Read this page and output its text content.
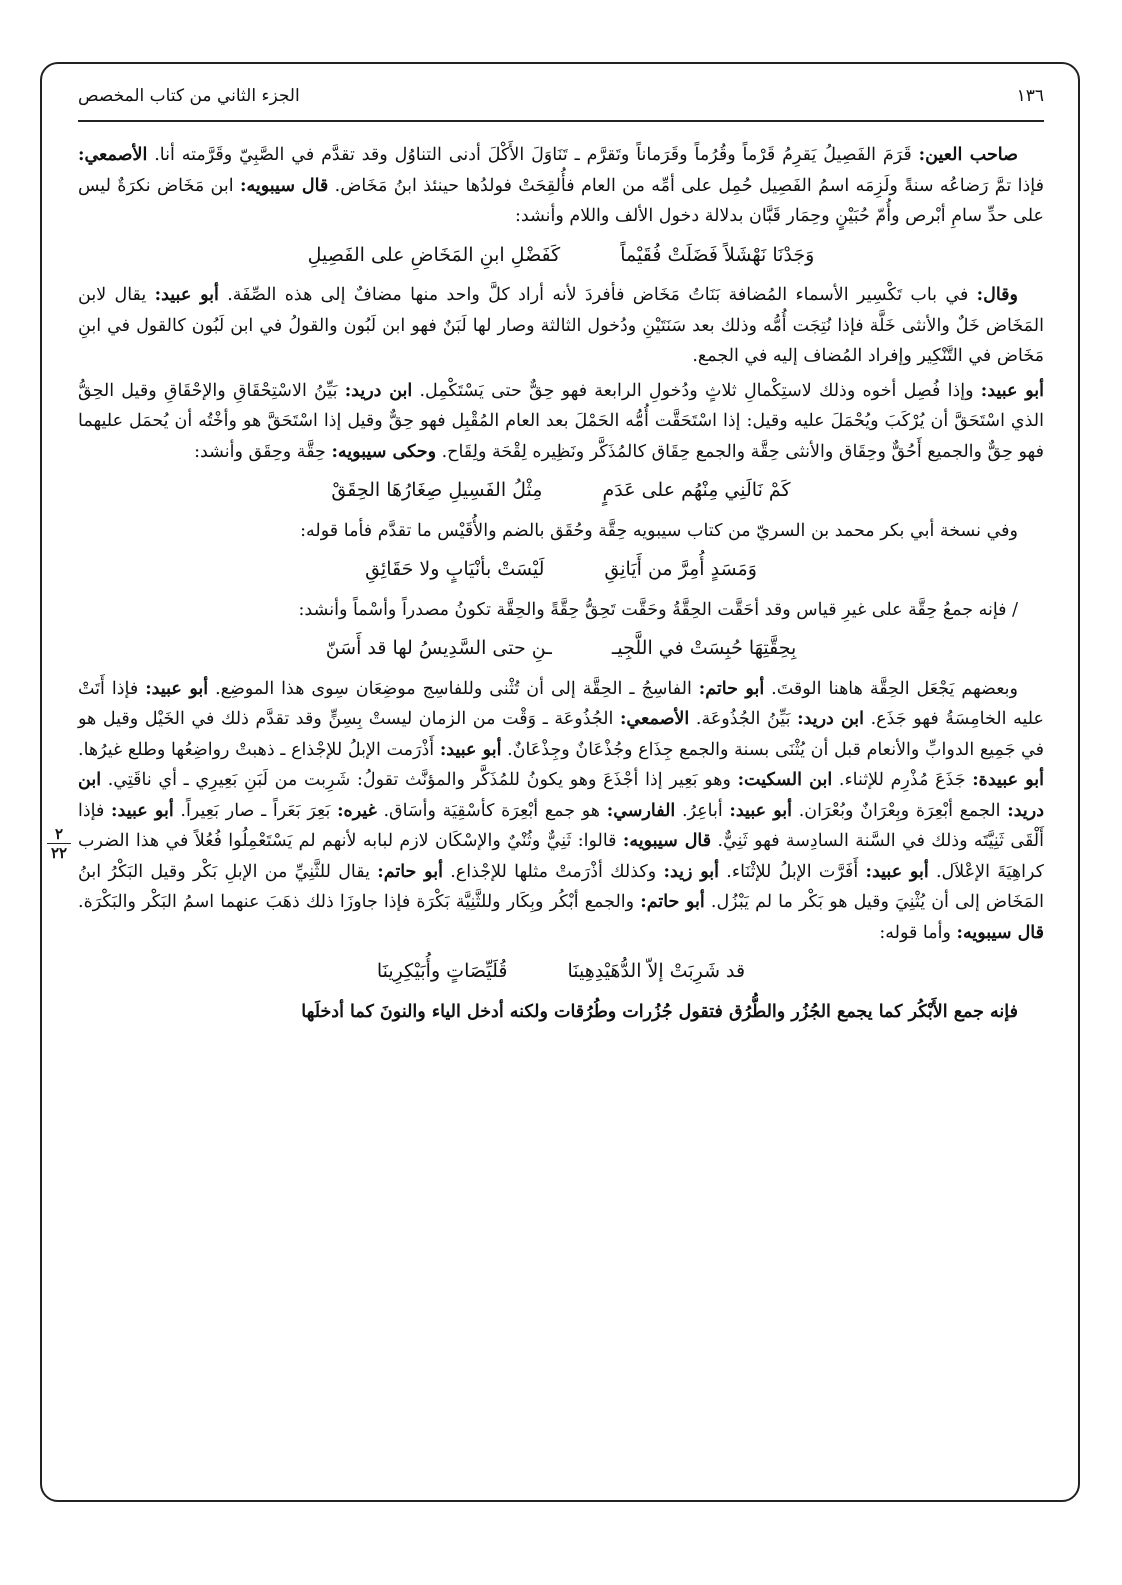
١٣٦
الجزء الثاني من كتاب المخصص
٢
٢٢

صاحب العين: قَرَمَ الفَصِيلُ يَقرِمُ قَرْماً وقُرُماً وقَرَماناً وتَقرَّم ـ تَنَاوَلَ الأَكْلَ أدنى التناوُل وقد تقدَّم في الصَّبِيّ وقَرَّمته أنا. الأصمعي: فإذا تمَّ رَضاعُه سنةً ولَزِمَه اسمُ الفَصِيل حُمِل على أمِّه من العام فأُلقِحَتْ فولدُها حينئذ ابنُ مَخَاض. قال سيبويه: ابن مَخَاض نكرَةٌ ليس على حدِّ سامِ أبْرص وأُمّ حُبَيْنٍ وحِمَار قَبَّان بدلالة دخول الألف واللام وأنشد:

وَجَدْنَا نَهْشَلاً فَضَلَتْ فُقَيْماً
كَفَضْلِ ابنِ المَخَاضِ على الفَصِيلِ

وقال: في باب تَكْسِير الأسماء المُضافة بَنَاتُ مَخَاض فأفردَ لأنه أراد كلَّ واحد منها مضافٌ إلى هذه الصِّفَة. أبو عبيد: يقال لابن المَخَاض خَلٌ والأنثى خَلَّة فإذا نُتِجَت أُمُّه وذلك بعد سَنَتَيْنِ ودُخول الثالثة وصار لها لَبَنٌ فهو ابن لَبُون والقولُ في ابن لَبُون كالقول في ابنِ مَخَاض في التَّنْكِير وإفراد المُضاف إليه في الجمع.

أبو عبيد: وإذا فُصِل أخوه وذلك لاستِكْمالِ ثلاثٍ ودُخولِ الرابعة فهو حِقٌّ حتى يَسْتَكْمِل. ابن دريد: بَيِّنُ الاسْتِحْقَاقِ والإحْقَاقِ وقيل الحِقُّ الذي اسْتَحَقَّ أن يُرْكَبَ ويُحْمَلَ عليه وقيل: إذا اسْتَحَقَّت أُمُّه الحَمْلَ بعد العام المُقْبِل فهو حِقٌّ وقيل إذا اسْتَحَقَّ هو وأخْتُه أن يُحمَل عليهما فهو حِقٌّ والجميع أَحُقٌّ وحِقَاق والأنثى حِقَّة والجمع حِقَاق كالمُذَكَّر ونَظِيره لِقْحَة ولِقَاح. وحكى سيبويه: حِقَّة وحِقَق وأنشد:

كَمْ نَالَنِي مِنْهُم على عَدَمٍ
مِثْلُ الفَسِيلِ صِغَارُهَا الحِقَقْ

وفي نسخة أبي بكر محمد بن السريّ من كتاب سيبويه حِقَّة وحُقَق بالضم والأُقَيْس ما تقدَّم فأما قوله:

وَمَسَدٍ أُمِرَّ من أَيَانِقِ
لَيْسَتْ بأنْيَابٍ ولا حَقَائِقِ

/ فإنه جمعُ حِقَّة على غيرِ قياس وقد أحَقَّت الحِقَّةُ وحَقَّت تَحِقُّ حِقَّةً والحِقَّة تكونُ مصدراً وأسْماً وأنشد:

بِحِقَّتِهَا حُبِسَتْ في اللَّجِيـ
ـنِ حتى السَّدِيسُ لها قد أَسَنّ

وبعضهم يَجْعَل الحِقَّة هاهنا الوقتَ. أبو حاتم: الفاسِجُ ـ الحِقَّة إلى أن تُثْنى وللفاسِج موضِعَان سِوى هذا الموضِع. أبو عبيد: فإذا أَتَتْ عليه الخامِسَةُ فهو جَذَع. ابن دريد: بَيِّنُ الجُذُوعَة. الأصمعي: الجُذُوعَة ـ وَقْت من الزمان ليستْ بِسِنٍّ وقد تقدَّم ذلك في الخَيْل وقيل هو في جَمِيع الدوابِّ والأنعام قبل أن يُثْنَى بسنة والجمع جِذَاع وجُذْعَانٌ وجِذْعَانٌ. أبو عبيد: أَذْرَمت الإبلُ للإجْذاع ـ ذهبتْ رواضِعُها وطلع غيرُها. أبو عبيدة: جَذَعَ مُذْرِم للإثناء. ابن السكيت: وهو بَعِير إذا أجْذَعَ وهو يكونُ للمُذَكَّر والمؤنَّث تقولُ: شَرِبت من لَبَنِ بَعِيرِي ـ أي ناقَتِي. ابن دريد: الجمع أبْعِرَة وبِعْرَانٌ وبُعْرَان. أبو عبيد: أباعِرُ. الفارسي: هو جمع أبْعِرَة كأسْقِيَة وأسَاق. غيره: بَعِرَ بَعَراً ـ صار بَعِيراً. أبو عبيد: فإذا أَلْقَى ثَنِيَّتَه وذلك في السَّنة السادِسة فهو ثَنِيٌّ. قال سيبويه: قالوا: ثَنِيٌّ وثُنْيٌ والإسْكَان لازم لبابه لأنهم لم يَسْتَعْمِلُوا فُعُلاً في هذا الضرب كراهِيَةَ الإعْلاَل. أبو عبيد: أَفَرَّت الإبلُ للإثْنَاء. أبو زيد: وكذلك أذْرَمتْ مثلها للإجْذاع. أبو حاتم: يقال للثَّنِيِّ من الإبلِ بَكْر وقيل البَكْرُ ابنُ المَخَاض إلى أن يُثْنِيَ وقيل هو بَكْر ما لم يَبْزُل. أبو حاتم: والجمع أبْكُر وبِكَار وللثَّنِيَّة بَكْرَة فإذا جاوزَا ذلك ذهَبَ عنهما اسمُ البَكْر والبَكْرَة. قال سيبويه: وأما قوله:

قد شَرِبَتْ إلاّ الدُّهَيْدِهِينَا
قُلَيِّصَاتٍ وأُبَيْكِرِينَا

فإنه جمع الأَبْكُر كما يجمع الجُزُر والطُّرُق فتقول جُزُرات وطُرُقات ولكنه أدخل الياء والنونَ كما أدخلَها
